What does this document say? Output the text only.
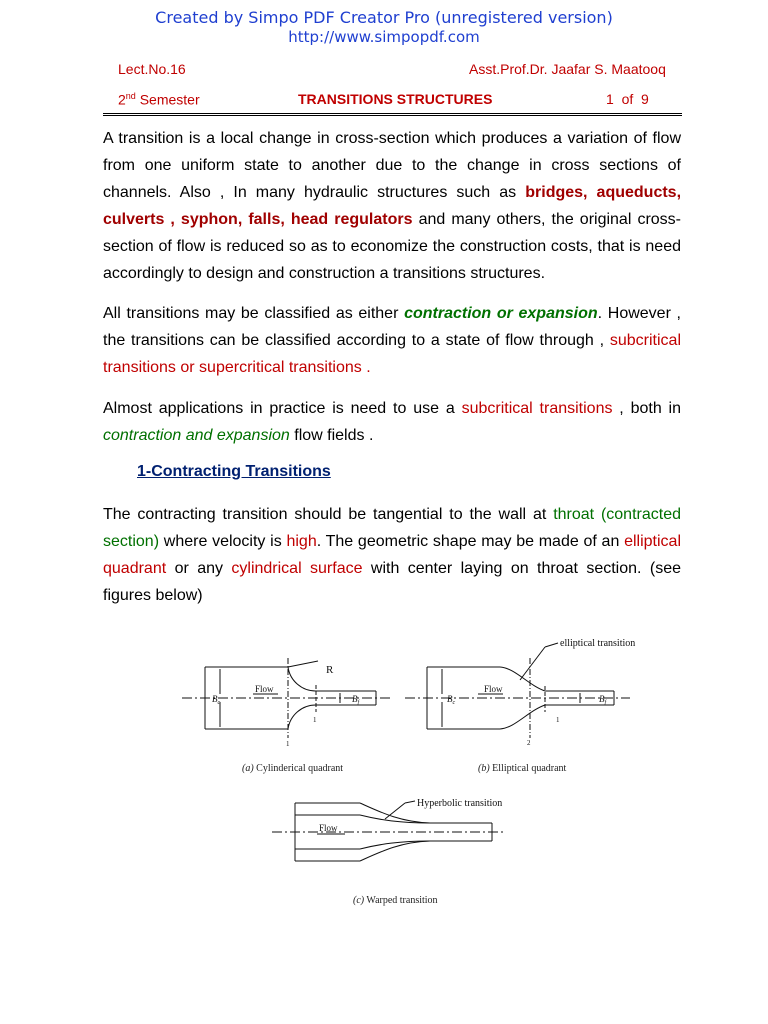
Created by Simpo PDF Creator Pro (unregistered version)
http://www.simpopdf.com
Lect.No.16	Asst.Prof.Dr. Jaafar S. Maatooq
2nd Semester	TRANSITIONS STRUCTURES	1  of  9

A transition is a local change in cross-section which produces a variation of flow from one uniform state to another due to the change in cross sections of channels. Also , In many hydraulic structures such as bridges, aqueducts, culverts , syphon, falls, head regulators and many others, the original cross-section of flow is reduced so as to economize the construction costs, that is need accordingly to design and construction a transitions structures.

All transitions may be classified as either contraction or expansion. However , the transitions can be classified according to a state of flow through , subcritical transitions or supercritical transitions .

Almost applications in practice is need to use a subcritical transitions , both in contraction and expansion flow fields .

1-Contracting Transitions

The contracting transition should be tangential to the wall at throat (contracted section) where velocity is high. The geometric shape may be made of an elliptical quadrant or any cylindrical surface with center laying on throat section. (see figures below)

R
Flow
$B_c$	$B_f$
1
1
(a) Cylinderical quadrant
elliptical transition
Flow
$B_c$	$B_f$
1
2
(b) Elliptical quadrant
Hyperbolic transition
Flow
(c) Warped transition
